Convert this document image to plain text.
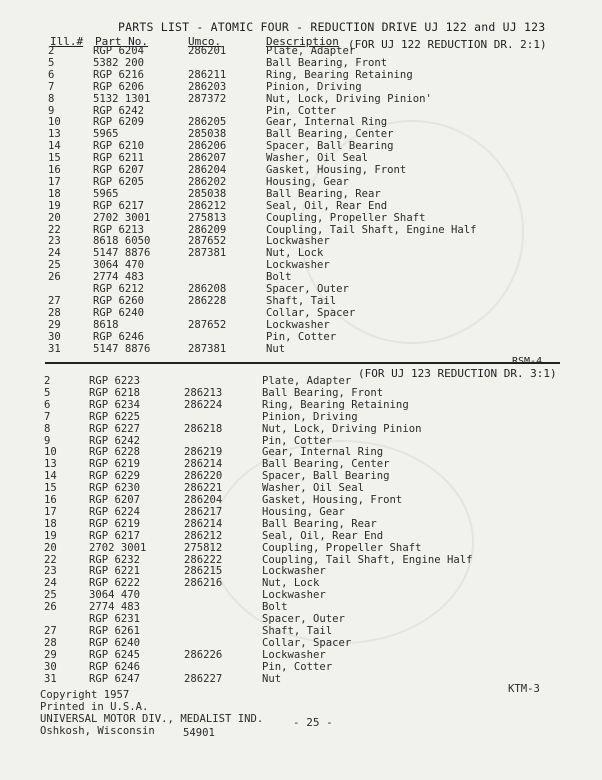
PARTS LIST - ATOMIC FOUR - REDUCTION DRIVE UJ 122 and UJ 123
Ill.# Part No.	Umco.	Description (FOR UJ 122 REDUCTION DR. 2:1)
2	RGP 6204	286201	Plate, Adapter
5	5382 200	Ball Bearing, Front
6	RGP 6216	286211	Ring, Bearing Retaining
7	RGP 6206	286203	Pinion, Driving
8	5132 1301	287372	Nut, Lock, Driving Pinion'
9	RGP 6242	Pin, Cotter
10	RGP 6209	286205	Gear, Internal Ring
13	5965	285038	Ball Bearing, Center
14	RGP 6210	286206	Spacer, Ball Bearing
15	RGP 6211	286207	Washer, Oil Seal
16	RGP 6207	286204	Gasket, Housing, Front
17	RGP 6205	286202	Housing, Gear
18	5965	285038	Ball Bearing, Rear
19	RGP 6217	286212	Seal, Oil, Rear End
20	2702 3001	275813	Coupling, Propeller Shaft
22	RGP 6213	286209	Coupling, Tail Shaft, Engine Half
23	8618 6050	287652	Lockwasher
24	5147 8876	287381	Nut, Lock
25	3064 470	Lockwasher
26	2774 483	Bolt
RGP 6212	286208	Spacer, Outer
27	RGP 6260	286228	Shaft, Tail
28	RGP 6240	Collar, Spacer
29	8618	287652	Lockwasher
30	RGP 6246	Pin, Cotter
31	5147 8876	287381	Nut
RSM-4
(FOR UJ 123 REDUCTION DR. 3:1)
2	RGP 6223	Plate, Adapter
5	RGP 6218	286213	Ball Bearing, Front
6	RGP 6234	286224	Ring, Bearing Retaining
7	RGP 6225	Pinion, Driving
8	RGP 6227	286218	Nut, Lock, Driving Pinion
9	RGP 6242	Pin, Cotter
10	RGP 6228	286219	Gear, Internal Ring
13	RGP 6219	286214	Ball Bearing, Center
14	RGP 6229	286220	Spacer, Ball Bearing
15	RGP 6230	286221	Washer, Oil Seal
16	RGP 6207	286204	Gasket, Housing, Front
17	RGP 6224	286217	Housing, Gear
18	RGP 6219	286214	Ball Bearing, Rear
19	RGP 6217	286212	Seal, Oil, Rear End
20	2702 3001	275812	Coupling, Propeller Shaft
22	RGP 6232	286222	Coupling, Tail Shaft, Engine Half
23	RGP 6221	286215	Lockwasher
24	RGP 6222	286216	Nut, Lock
25	3064 470	Lockwasher
26	2774 483	Bolt
RGP 6231	Spacer, Outer
27	RGP 6261	Shaft, Tail
28	RGP 6240	Collar, Spacer
29	RGP 6245	286226	Lockwasher
30	RGP 6246	Pin, Cotter
31	RGP 6247	286227	Nut
Copyright 1957
Printed in U.S.A.
UNIVERSAL MOTOR DIV., MEDALIST IND.
Oshkosh, Wisconsin	54901
- 25 -
KTM-3
